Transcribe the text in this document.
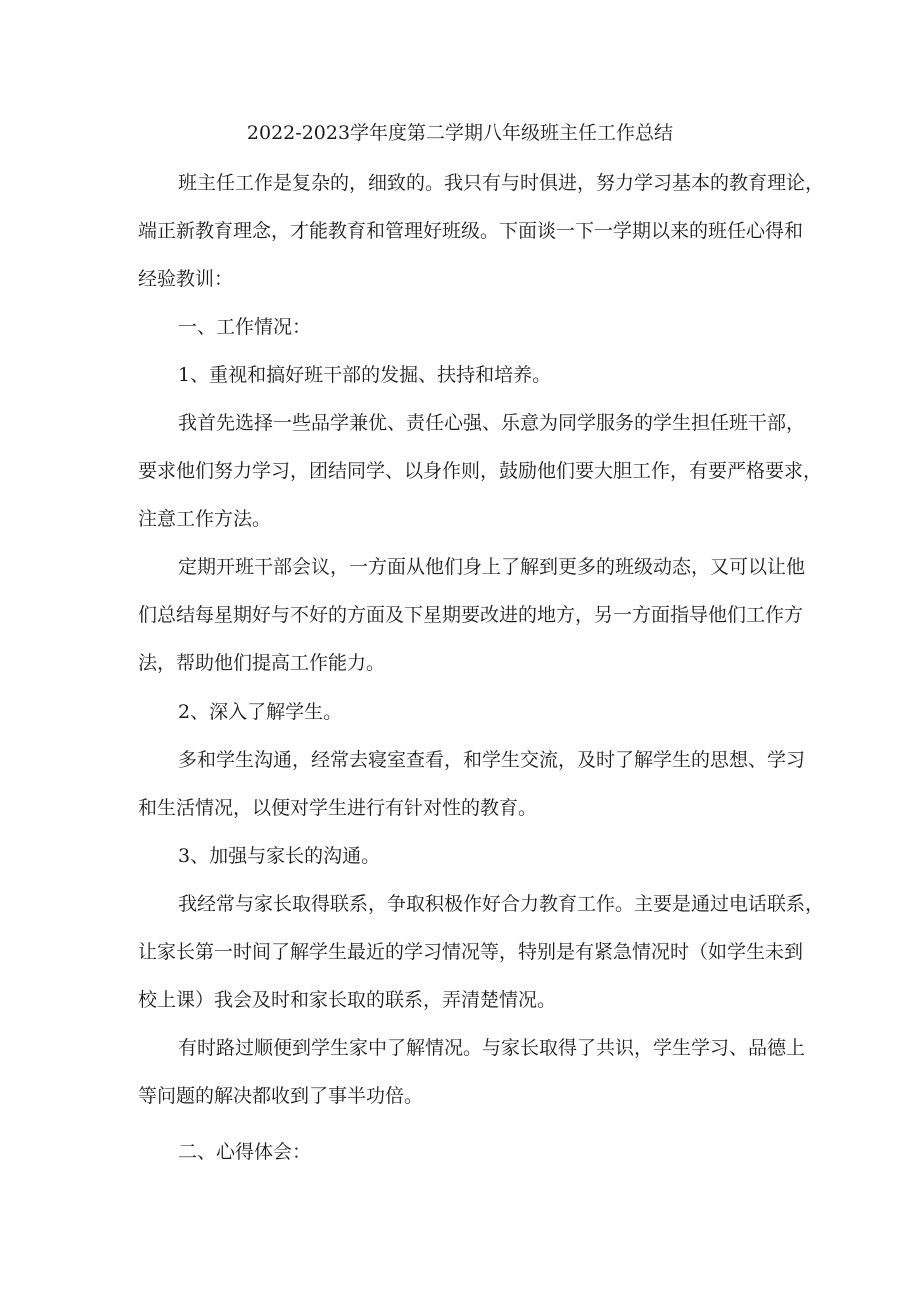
2022-2023学年度第二学期八年级班主任工作总结
班主任工作是复杂的，细致的。我只有与时俱进，努力学习基本的教育理论，
端正新教育理念，才能教育和管理好班级。下面谈一下一学期以来的班任心得和
经验教训：
一、工作情况：
1、重视和搞好班干部的发掘、扶持和培养。
我首先选择一些品学兼优、责任心强、乐意为同学服务的学生担任班干部，
要求他们努力学习，团结同学、以身作则，鼓励他们要大胆工作，有要严格要求，
注意工作方法。
定期开班干部会议，一方面从他们身上了解到更多的班级动态，又可以让他
们总结每星期好与不好的方面及下星期要改进的地方，另一方面指导他们工作方
法，帮助他们提高工作能力。
2、深入了解学生。
多和学生沟通，经常去寝室查看，和学生交流，及时了解学生的思想、学习
和生活情况，以便对学生进行有针对性的教育。
3、加强与家长的沟通。
我经常与家长取得联系，争取积极作好合力教育工作。主要是通过电话联系，
让家长第一时间了解学生最近的学习情况等，特别是有紧急情况时（如学生未到
校上课）我会及时和家长取的联系，弄清楚情况。
有时路过顺便到学生家中了解情况。与家长取得了共识，学生学习、品德上
等问题的解决都收到了事半功倍。
二、心得体会：
